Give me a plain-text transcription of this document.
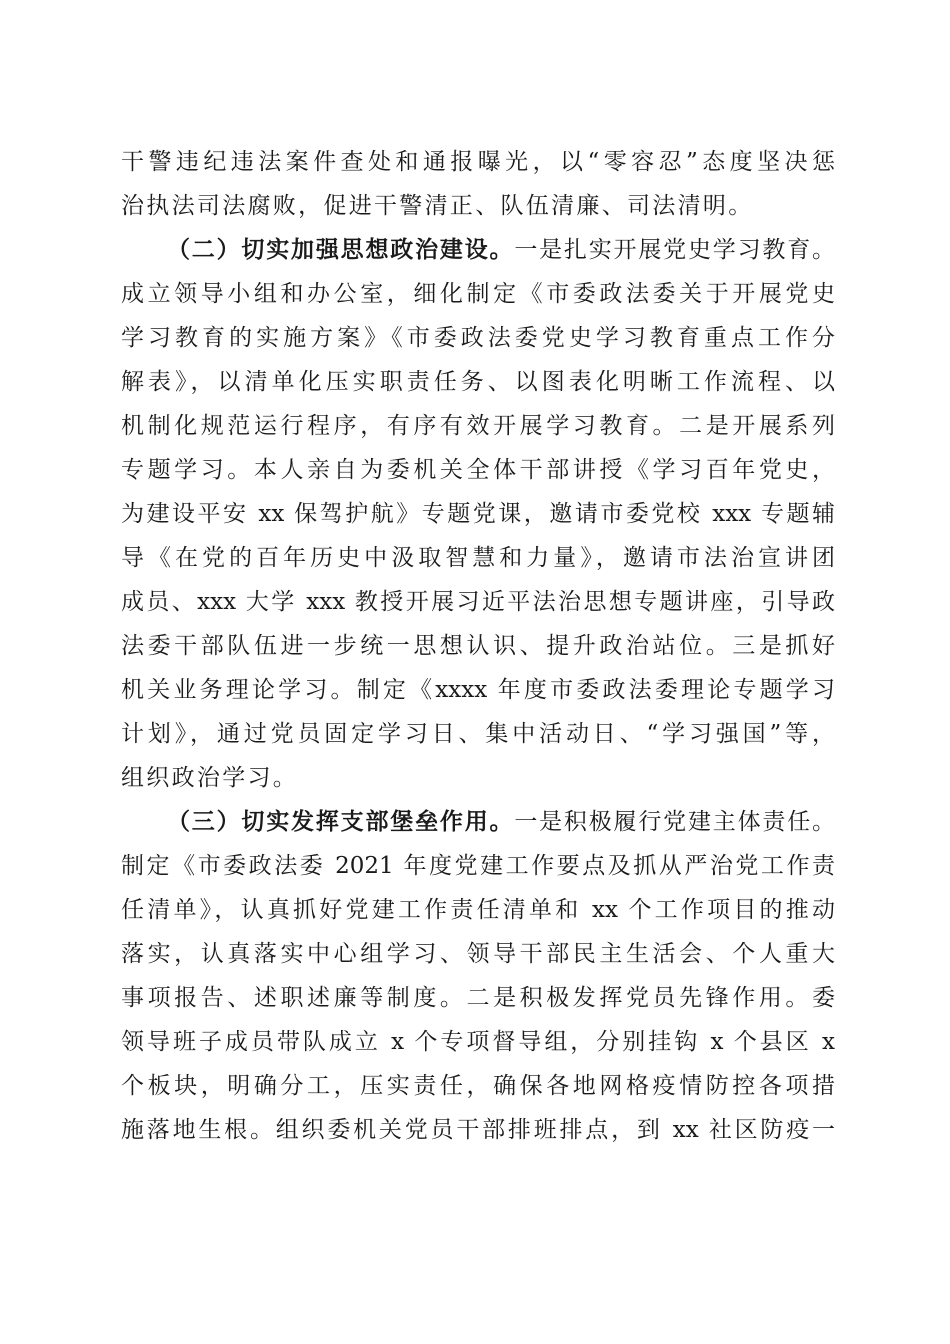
干警违纪违法案件查处和通报曝光，以“零容忍”态度坚决惩
治执法司法腐败，促进干警清正、队伍清廉、司法清明。
（二）切实加强思想政治建设。一是扎实开展党史学习教育。
成立领导小组和办公室，细化制定《市委政法委关于开展党史
学习教育的实施方案》《市委政法委党史学习教育重点工作分
解表》，以清单化压实职责任务、以图表化明晰工作流程、以
机制化规范运行程序，有序有效开展学习教育。二是开展系列
专题学习。本人亲自为委机关全体干部讲授《学习百年党史，
为建设平安 xx 保驾护航》专题党课，邀请市委党校 xxx 专题辅
导《在党的百年历史中汲取智慧和力量》，邀请市法治宣讲团
成员、xxx 大学 xxx 教授开展习近平法治思想专题讲座，引导政
法委干部队伍进一步统一思想认识、提升政治站位。三是抓好
机关业务理论学习。制定《xxxx 年度市委政法委理论专题学习
计划》，通过党员固定学习日、集中活动日、“学习强国”等，
组织政治学习。
（三）切实发挥支部堡垒作用。一是积极履行党建主体责任。
制定《市委政法委 2021 年度党建工作要点及抓从严治党工作责
任清单》，认真抓好党建工作责任清单和 xx 个工作项目的推动
落实，认真落实中心组学习、领导干部民主生活会、个人重大
事项报告、述职述廉等制度。二是积极发挥党员先锋作用。委
领导班子成员带队成立 x 个专项督导组，分别挂钩 x 个县区 x
个板块，明确分工，压实责任，确保各地网格疫情防控各项措
施落地生根。组织委机关党员干部排班排点，到 xx 社区防疫一
